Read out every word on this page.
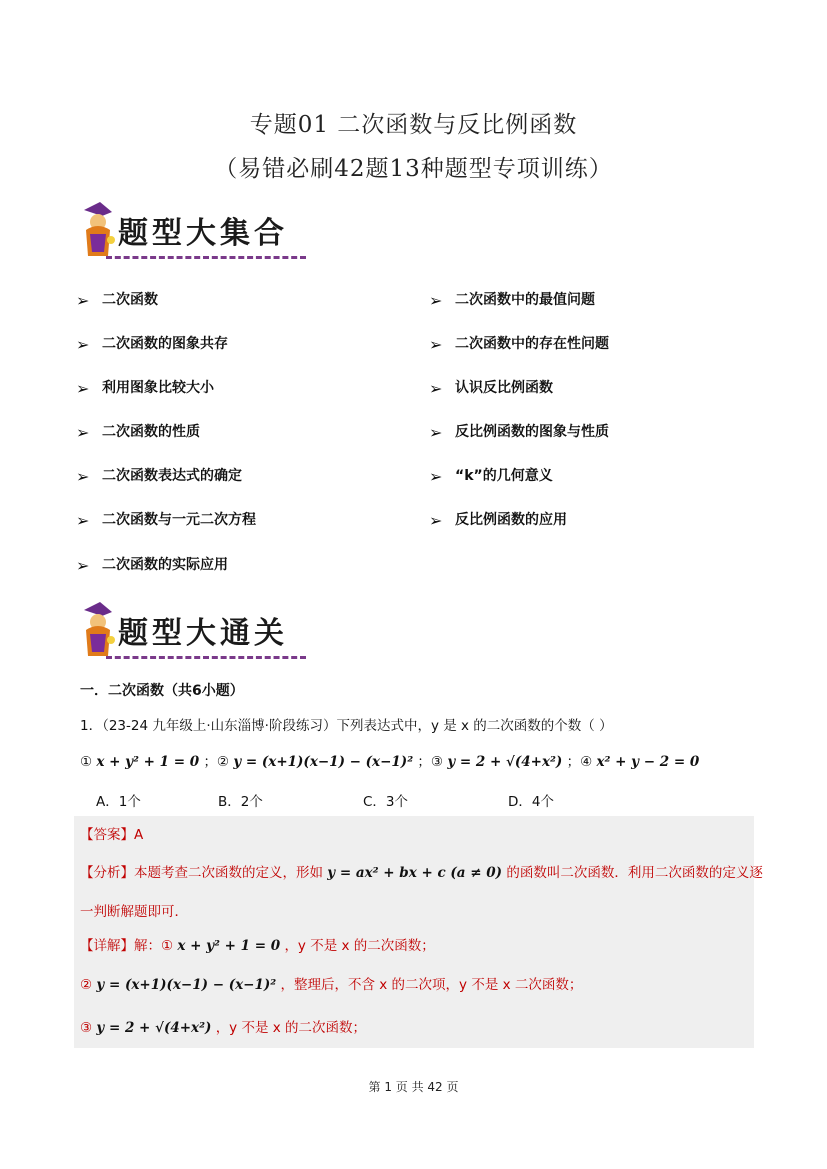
专题01 二次函数与反比例函数
（易错必刷42题13种题型专项训练）
题型大集合
➢ 二次函数
➢ 二次函数的图象共存
➢ 利用图象比较大小
➢ 二次函数的性质
➢ 二次函数表达式的确定
➢ 二次函数与一元二次方程
➢ 二次函数的实际应用
➢ 二次函数中的最值问题
➢ 二次函数中的存在性问题
➢ 认识反比例函数
➢ 反比例函数的图象与性质
➢ “k”的几何意义
➢ 反比例函数的应用
题型大通关
一．二次函数（共6小题）
1．（23-24 九年级上·山东淄博·阶段练习）下列表达式中，y 是 x 的二次函数的个数（ ）
① x + y² + 1 = 0 ；② y = (x+1)(x−1) − (x−1)² ；③ y = 2 + √(4+x²) ；④ x² + y − 2 = 0
A．1个	B．2个	C．3个	D．4个
【答案】A
【分析】本题考查二次函数的定义，形如 y = ax² + bx + c (a ≠ 0) 的函数叫二次函数．利用二次函数的定义逐
一判断解题即可．
【详解】解：① x + y² + 1 = 0 ，y 不是 x 的二次函数；
② y = (x+1)(x−1) − (x−1)² ，整理后，不含 x 的二次项，y 不是 x 二次函数；
③ y = 2 + √(4+x²) ，y 不是 x 的二次函数；
第 1 页 共 42 页
